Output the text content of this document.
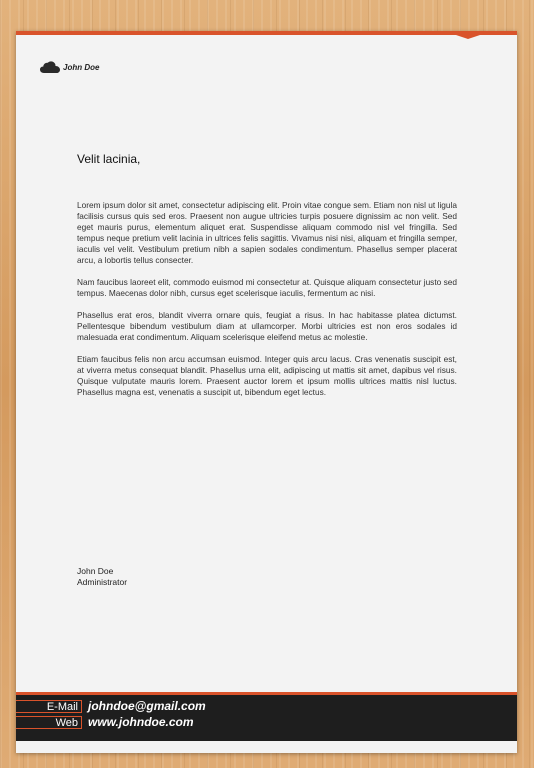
John Doe
Velit lacinia,

Lorem ipsum dolor sit amet, consectetur adipiscing elit. Proin vitae congue sem. Etiam non nisl ut ligula facilisis cursus quis sed eros. Praesent non augue ultricies turpis posuere dignissim ac non velit. Sed eget mauris purus, elementum aliquet erat. Suspendisse aliquam commodo nisl vel fringilla. Sed tempus neque pretium velit lacinia in ultrices felis sagittis. Vivamus nisi nisi, aliquam et fringilla semper, iaculis vel velit. Vestibulum pretium nibh a sapien sodales condimentum. Phasellus semper placerat arcu, a lobortis tellus consecter.

Nam faucibus laoreet elit, commodo euismod mi consectetur at. Quisque aliquam consectetur justo sed tempus. Maecenas dolor nibh, cursus eget scelerisque iaculis, fermentum ac nisi.

Phasellus erat eros, blandit viverra ornare quis, feugiat a risus. In hac habitasse platea dictumst. Pellentesque bibendum vestibulum diam at ullamcorper. Morbi ultricies est non eros sodales id malesuada erat condimentum. Aliquam scelerisque eleifend metus ac molestie.

Etiam faucibus felis non arcu accumsan euismod. Integer quis arcu lacus. Cras venenatis suscipit est, at viverra metus consequat blandit. Phasellus urna elit, adipiscing ut mattis sit amet, dapibus vel risus. Quisque vulputate mauris lorem. Praesent auctor lorem et ipsum mollis ultrices mattis nisl luctus. Phasellus magna est, venenatis a suscipit ut, bibendum eget lectus.

John Doe
Administrator
E-Mail johndoe@gmail.com
Web www.johndoe.com
